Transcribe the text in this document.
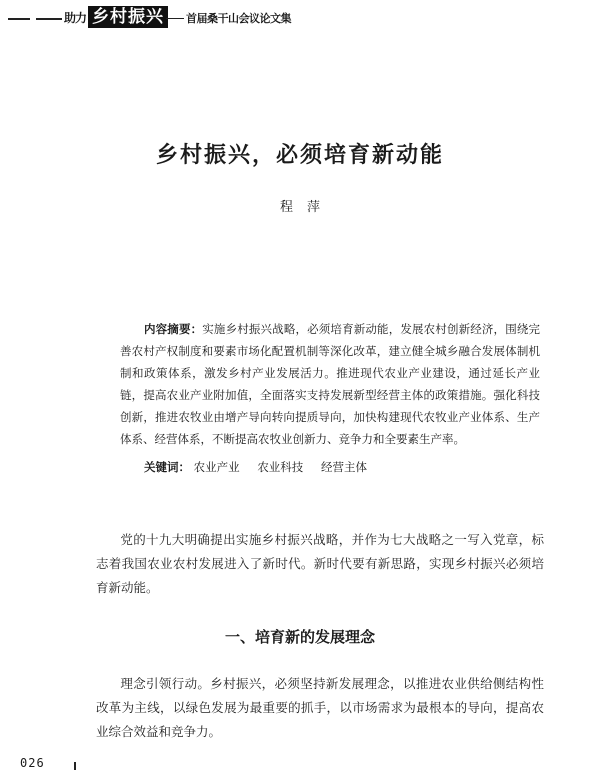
助力 乡村振兴	首届桑干山会议论文集
乡村振兴，必须培育新动能
程萍
内容摘要：实施乡村振兴战略，必须培育新动能，发展农村创新经济，围绕完善农村产权制度和要素市场化配置机制等深化改革，建立健全城乡融合发展体制机制和政策体系，激发乡村产业发展活力。推进现代农业产业建设，通过延长产业链，提高农业产业附加值，全面落实支持发展新型经营主体的政策措施。强化科技创新，推进农牧业由增产导向转向提质导向，加快构建现代农牧业产业体系、生产体系、经营体系，不断提高农牧业创新力、竞争力和全要素生产率。
关键词： 农业产业 农业科技 经营主体
党的十九大明确提出实施乡村振兴战略，并作为七大战略之一写入党章，标志着我国农业农村发展进入了新时代。新时代要有新思路，实现乡村振兴必须培育新动能。
一、培育新的发展理念
理念引领行动。乡村振兴，必须坚持新发展理念，以推进农业供给侧结构性改革为主线，以绿色发展为最重要的抓手，以市场需求为最根本的导向，提高农业综合效益和竞争力。
026
